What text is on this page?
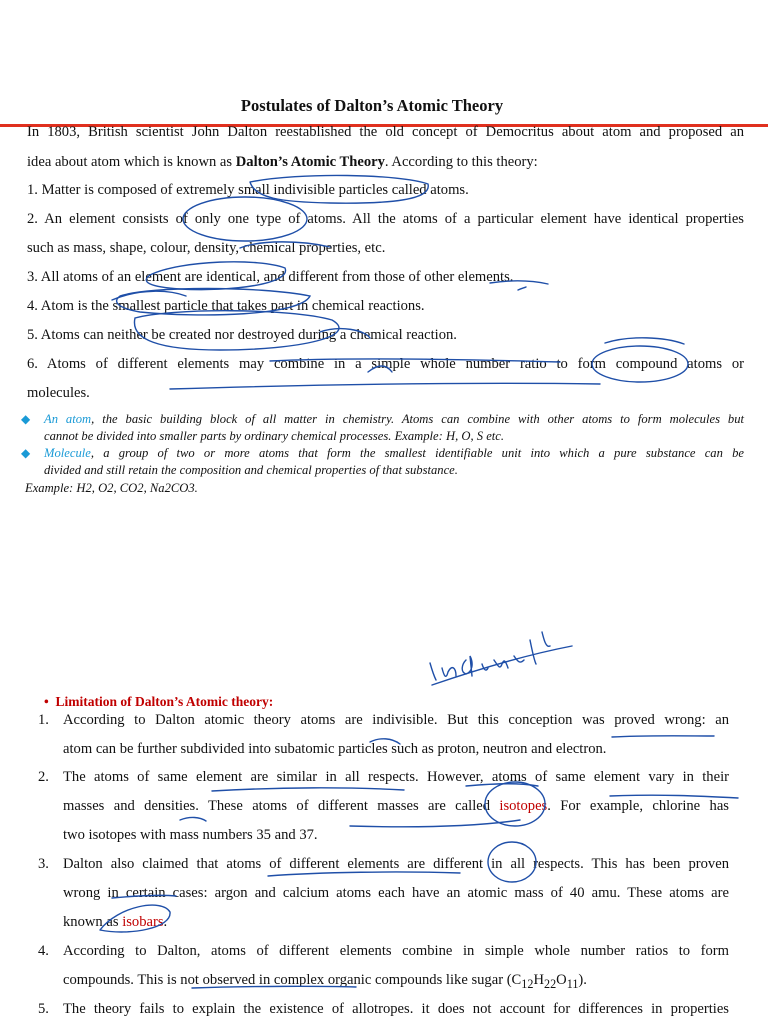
Postulates of Dalton’s Atomic Theory
In 1803, British scientist John Dalton reestablished the old concept of Democritus about atom and proposed an
idea about atom which is known as Dalton’s Atomic Theory. According to this theory:
1. Matter is composed of extremely small indivisible particles called atoms.
2. An element consists of only one type of atoms. All the atoms of a particular element have identical properties
such as mass, shape, colour, density, chemical properties, etc.
3. All atoms of an element are identical, and different from those of other elements.
4. Atom is the smallest particle that takes part in chemical reactions.
5. Atoms can neither be created nor destroyed during a chemical reaction.
6. Atoms of different elements may combine in a simple whole number ratio to form compound atoms or
molecules.
◆ An atom, the basic building block of all matter in chemistry. Atoms can combine with other atoms to form molecules but
cannot be divided into smaller parts by ordinary chemical processes. Example: H, O, S etc.
◆ Molecule, a group of two or more atoms that form the smallest identifiable unit into which a pure substance can be
divided and still retain the composition and chemical properties of that substance.
Example: H2, O2, CO2, Na2CO3.
• Limitation of Dalton’s Atomic theory:
1. According to Dalton atomic theory atoms are indivisible. But this conception was proved wrong: an
atom can be further subdivided into subatomic particles such as proton, neutron and electron.
2. The atoms of same element are similar in all respects. However, atoms of same element vary in their
masses and densities. These atoms of different masses are called isotopes. For example, chlorine has
two isotopes with mass numbers 35 and 37.
3. Dalton also claimed that atoms of different elements are different in all respects. This has been proven
wrong in certain cases: argon and calcium atoms each have an atomic mass of 40 amu. These atoms are
known as isobars.
4. According to Dalton, atoms of different elements combine in simple whole number ratios to form
compounds. This is not observed in complex organic compounds like sugar $(C_{12}H_{22}O_{11})$.
5. The theory fails to explain the existence of allotropes. it does not account for differences in properties
